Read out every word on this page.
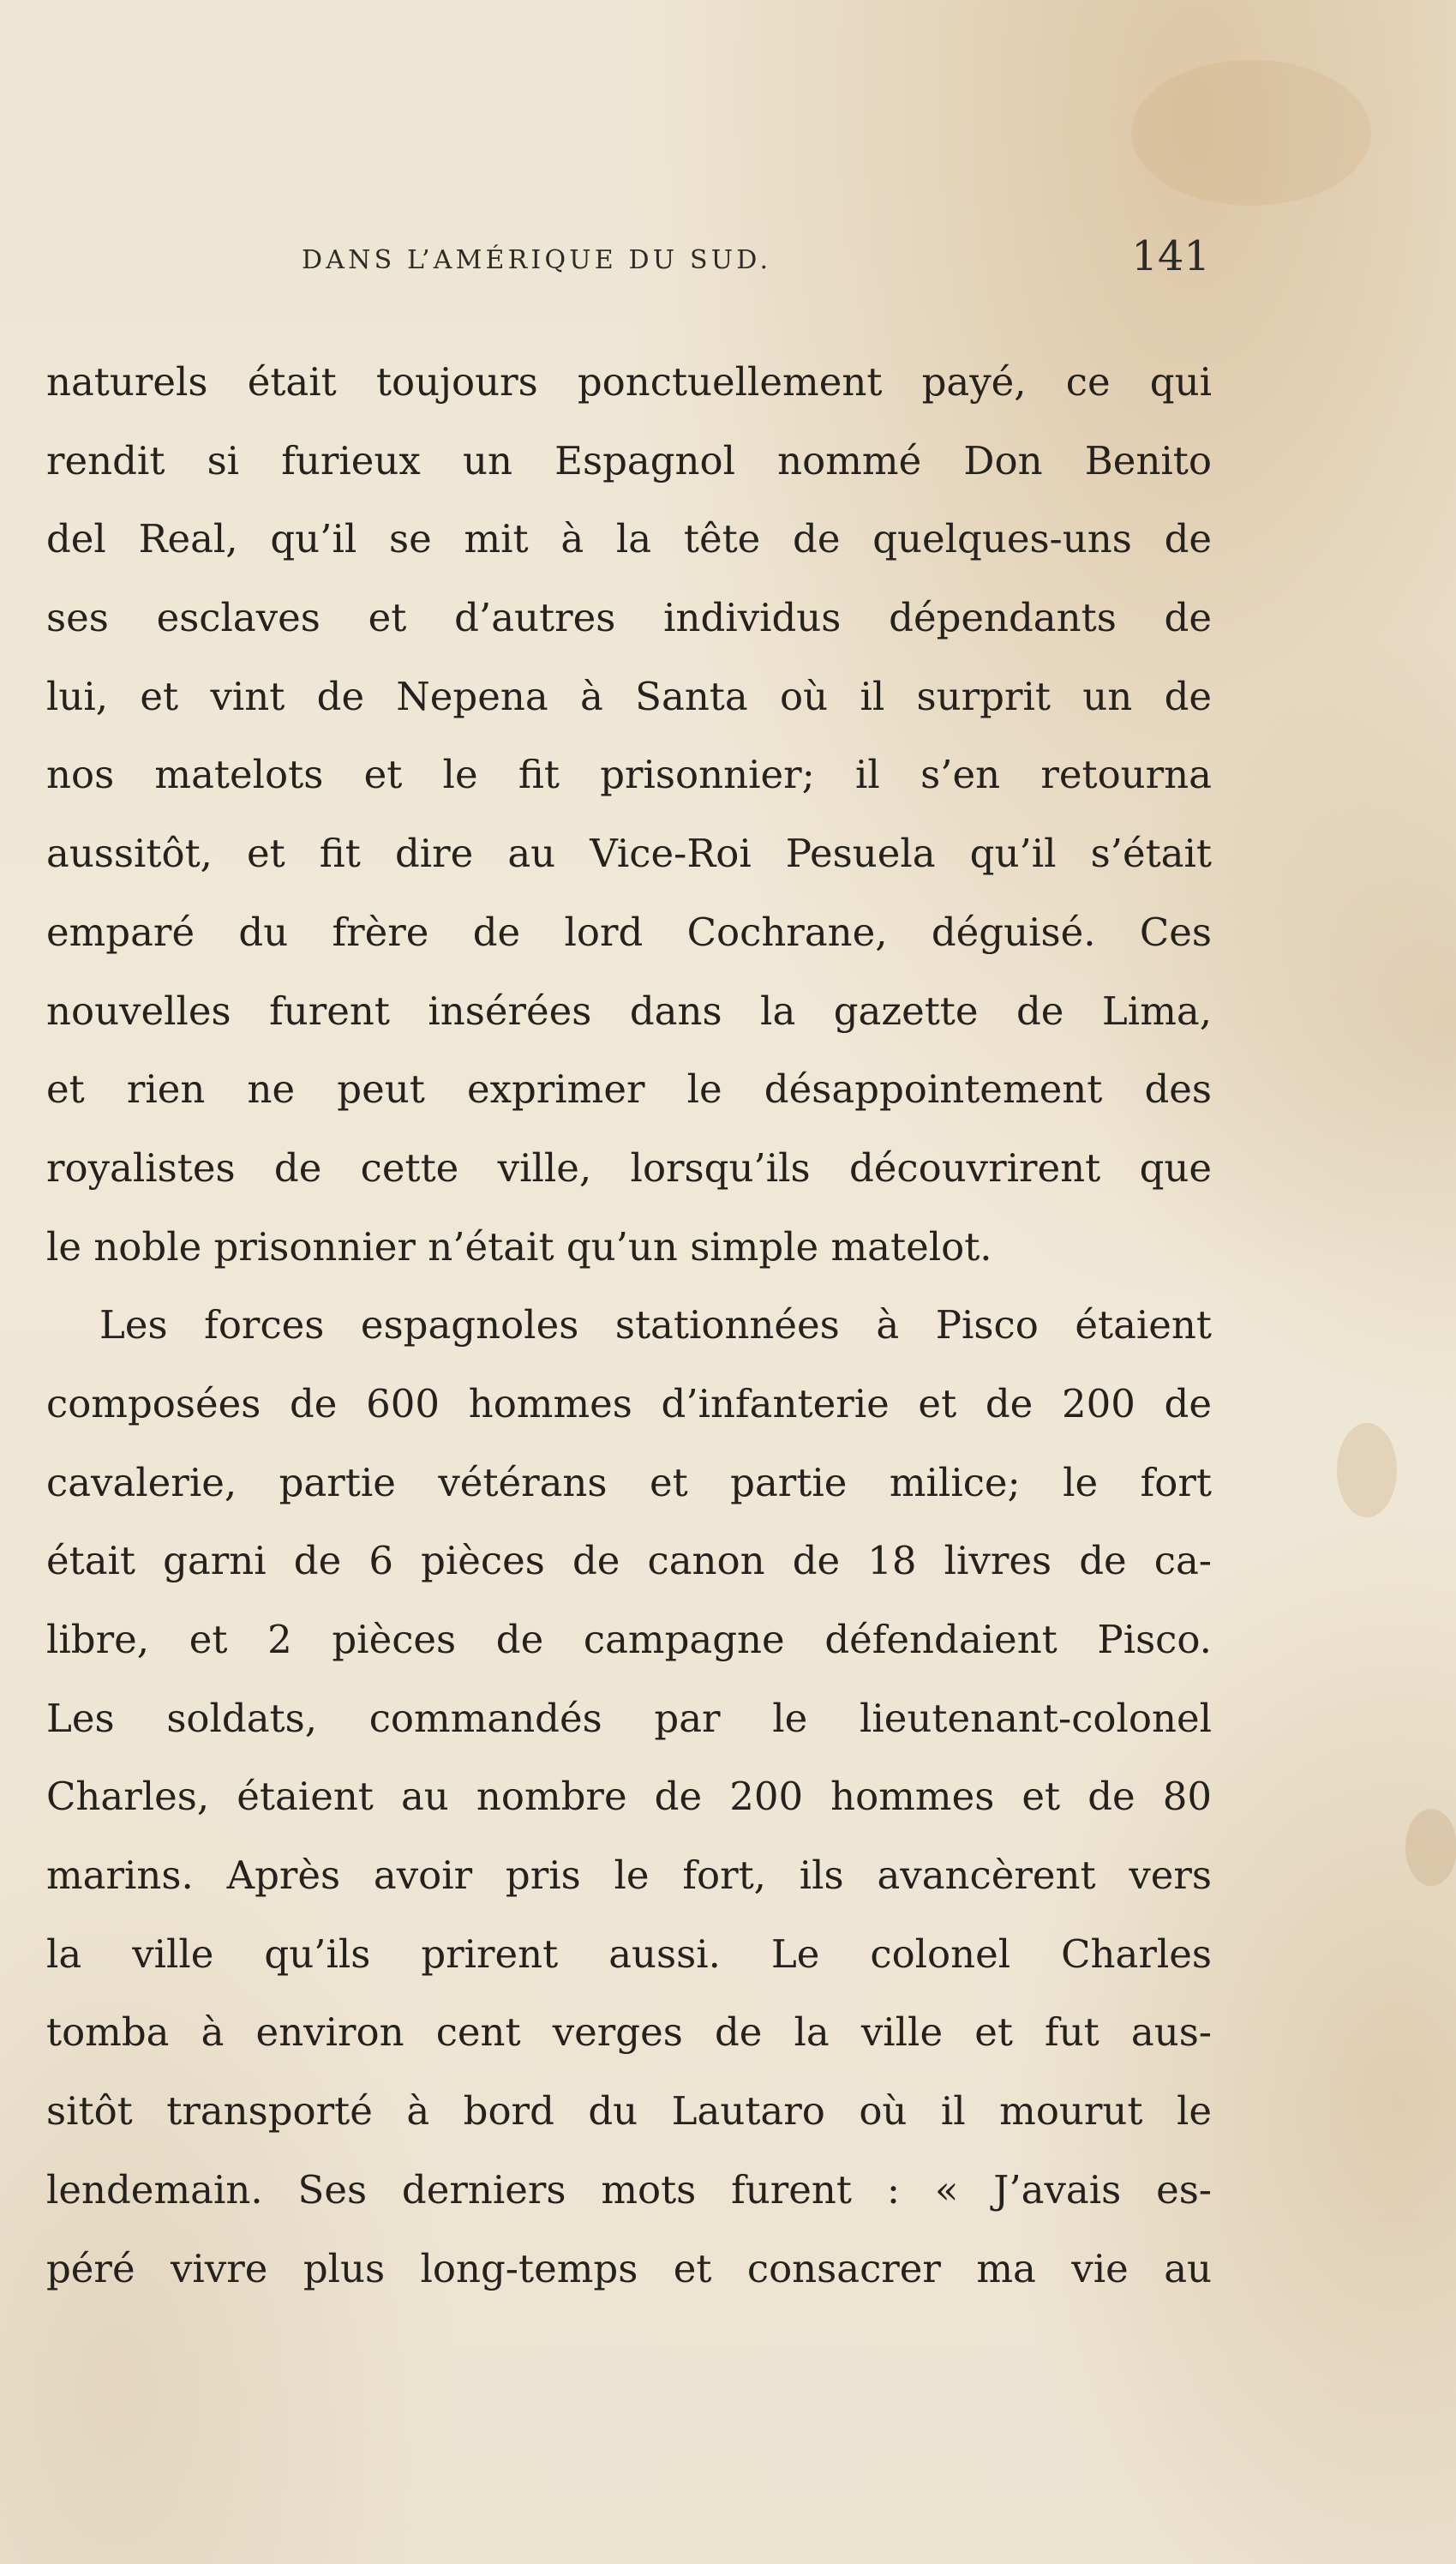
DANS L’AMÉRIQUE DU SUD.	141
naturels était toujours ponctuellement payé, ce qui
rendit si furieux un Espagnol nommé Don Benito
del Real, qu’il se mit à la tête de quelques-uns de
ses esclaves et d’autres individus dépendants de
lui, et vint de Nepena à Santa où il surprit un de
nos matelots et le fit prisonnier; il s’en retourna
aussitôt, et fit dire au Vice-Roi Pesuela qu’il s’était
emparé du frère de lord Cochrane, déguisé. Ces
nouvelles furent insérées dans la gazette de Lima,
et rien ne peut exprimer le désappointement des
royalistes de cette ville, lorsqu’ils découvrirent que
le noble prisonnier n’était qu’un simple matelot.
Les forces espagnoles stationnées à Pisco étaient
composées de 600 hommes d’infanterie et de 200 de
cavalerie, partie vétérans et partie milice; le fort
était garni de 6 pièces de canon de 18 livres de ca-
libre, et 2 pièces de campagne défendaient Pisco.
Les soldats, commandés par le lieutenant-colonel
Charles, étaient au nombre de 200 hommes et de 80
marins. Après avoir pris le fort, ils avancèrent vers
la ville qu’ils prirent aussi. Le colonel Charles
tomba à environ cent verges de la ville et fut aus-
sitôt transporté à bord du Lautaro où il mourut le
lendemain. Ses derniers mots furent : « J’avais es-
péré vivre plus long-temps et consacrer ma vie au
